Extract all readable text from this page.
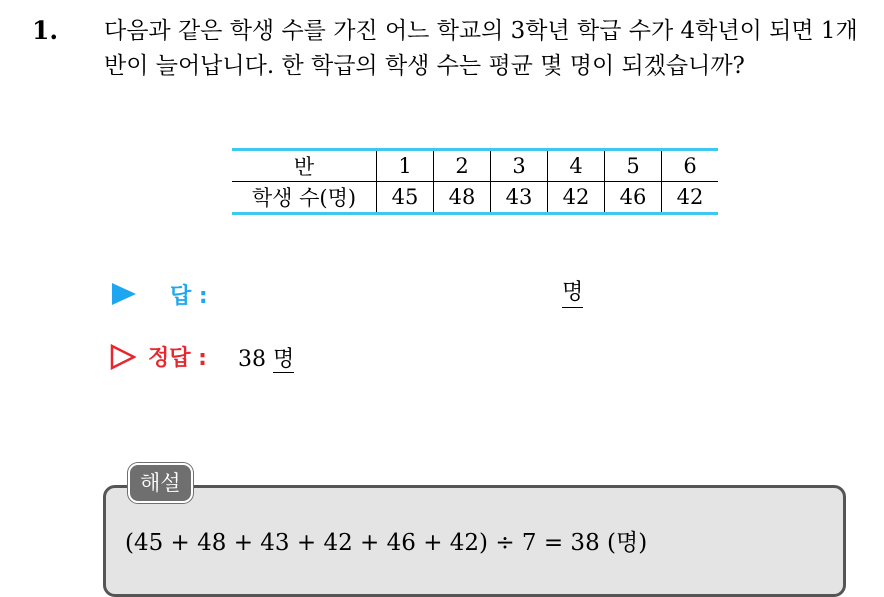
1. 다음과 같은 학생 수를 가진 어느 학교의 3학년 학급 수가 4학년이 되면 1개 반이 늘어납니다. 한 학급의 학생 수는 평균 몇 명이 되겠습니까?
반	1	2	3	4	5	6
학생 수(명)	45	48	43	42	46	42
답 :	명
정답 : 38 명
해설
(45 + 48 + 43 + 42 + 46 + 42) ÷ 7 = 38 (명)
